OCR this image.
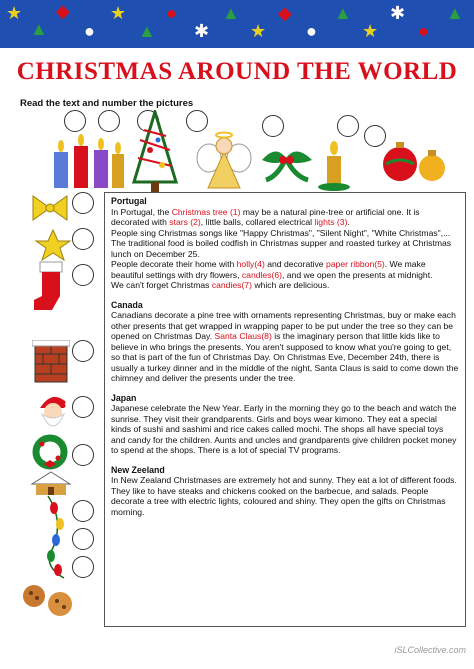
★
▲
◆
●
★
▲
●
✱
▲
★
◆
●
▲
★
✱
●
▲
CHRISTMAS AROUND THE WORLD
Read the text and number the pictures
Portugal

In Portugal, the Christmas tree (1) may be a natural pine-tree or artificial one. It is decorated with stars (2), little balls, collared electrical lights (3).

People sing Christmas songs like "Happy Christmas", "Silent Night", "White Christmas",...

The traditional food is boiled codfish in Christmas supper and roasted turkey at Christmas lunch on December 25.

People decorate their home with holly(4) and decorative paper ribbon(5). We make beautiful settings with dry flowers, candles(6), and we open the presents at midnight.

We can't forget Christmas candies(7) which are delicious.

Canada

Canadians decorate a pine tree with ornaments representing Christmas, buy or make each other presents that get wrapped in wrapping paper to be put under the tree so they can be opened on Christmas Day. Santa Claus(8) is the imaginary person that little kids like to believe in who brings the presents. You aren't supposed to know what you're going to get, so that is part of the fun of Christmas Day. On Christmas Eve, December 24th, there is usually a turkey dinner and in the middle of the night, Santa Claus is said to come down the chimney and deliver the presents under the tree.

Japan

Japanese celebrate the New Year. Early in the morning they go to the beach and watch the sunrise. They visit their grandparents. Girls and boys wear kimono. They eat a special kinds of sushi and sashimi and rice cakes called mochi. The shops all have special toys and candy for the children. Aunts and uncles and grandparents give children pocket money to spend at the shops. There is a lot of special TV programs.

New Zeeland

In New Zealand Christmases are extremely hot and sunny. They eat a lot of different foods. They like to have steaks and chickens cooked on the barbecue, and salads. People decorate a tree with electric lights, coloured and shiny. They open the gifts on Christmas morning.

iSLCollective.com
